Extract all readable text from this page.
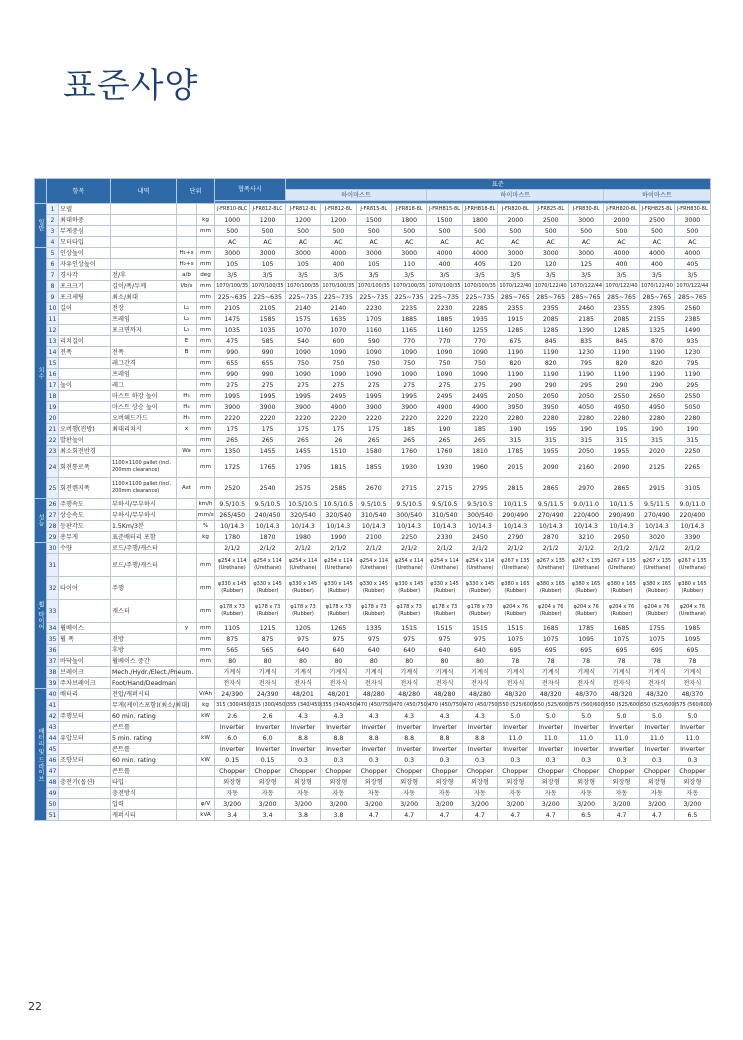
표준사양
	항목		내역	단위		협폭사시		표준											
								하이마스트				하이마스트					하이마스트		

일반	1	모델				J-FR810-8LC	J-FR812-8LC	J-FR812-8L	J-FR812-8L	J-FR815-8L	J-FR818-8L	J-FRHB15-8L	J-FRHB18-8L	J-FR820-8L	J-FR825-8L	J-FR830-8L	J-FRH820-8L	J-FRH825-8L	J-FRH830-8L
	2	최대하중			kg	1000	1200	1200	1200	1500	1800	1500	1800	2000	2500	3000	2000	2500	3000
	3	무게중심			mm	500	500	500	500	500	500	500	500	500	500	500	500	500	500
	4	모터타입				AC	AC	AC	AC	AC	AC	AC	AC	AC	AC	AC	AC	AC	AC
치수	5	인상높이		H₁+s	mm	3000	3000	3000	4000	3000	3000	4000	4000	3000	3000	3000	4000	4000	4000
	6	자유인상높이		H₂+s	mm	105	105	105	400	105	110	400	405	120	120	125	400	400	405
	7	경사각	전/후	a/b	deg	3/5	3/5	3/5	3/5	3/5	3/5	3/5	3/5	3/5	3/5	3/5	3/5	3/5	3/5
	8	포크크기	길이/폭/두께	l/b/s	mm	1070/100/35	1070/100/35	1070/100/35	1070/100/35	1070/100/35	1070/100/35	1070/100/35	1070/100/35	1070/122/40	1070/122/40	1070/122/44	1070/122/40	1070/122/40	1070/122/44
	9	포크세팅	최소/최대		mm	225~635	225~635	225~735	225~735	225~735	225~735	225~735	225~735	285~765	285~765	285~765	285~765	285~765	285~765
	10	길이	전장	L₁	mm	2105	2105	2140	2140	2230	2235	2230	2285	2355	2355	2460	2355	2395	2560
	11		프레임	L₂	mm	1475	1585	1575	1635	1705	1885	1885	1935	1915	2085	2185	2085	2155	2385
	12		포크면까지	L₃	mm	1035	1035	1070	1070	1160	1165	1160	1255	1285	1285	1390	1285	1325	1490
	13	리치길이		E	mm	475	585	540	600	590	770	770	770	675	845	835	845	870	935
	14	전폭	전폭	B	mm	990	990	1090	1090	1090	1090	1090	1090	1190	1190	1230	1190	1190	1230
	15		레그간격		mm	655	655	750	750	750	750	750	750	820	820	795	820	820	795
	16		프레임		mm	990	990	1090	1090	1090	1090	1090	1090	1190	1190	1190	1190	1190	1190
	17	높이	레그		mm	275	275	275	275	275	275	275	275	290	290	295	290	290	295
	18		마스트 하강 높이	H₃	mm	1995	1995	1995	2495	1995	1995	2495	2495	2050	2050	2050	2550	2650	2550
	19		마스트 상승 높이	H₄	mm	3900	3900	3900	4900	3900	3900	4900	4900	3950	3950	4050	4950	4950	5050
	20		오버헤드가드	H₅	mm	2220	2220	2220	2220	2220	2220	2220	2220	2280	2280	2280	2280	2280	2280
	21	오버행(전방)	최대리치시	x	mm	175	175	175	175	175	185	190	185	190	195	190	195	190	190
	22	발판높이			mm	265	265	265	26	265	265	265	265	315	315	315	315	315	315
	23	최소회전반경		Wa	mm	1350	1455	1455	1510	1580	1760	1760	1810	1785	1955	2050	1955	2020	2250
	24	회전통로폭	1100×1100 pallet (incl. 200mm clearance)		mm	1725	1765	1795	1815	1855	1930	1930	1960	2015	2090	2160	2090	2125	2265
	25	회전렌지폭	1100×1100 pallet (incl. 200mm clearance)	Ast	mm	2520	2540	2575	2585	2670	2715	2715	2795	2815	2865	2970	2865	2915	3105
성능	26	주행속도	부하시/무부하시		km/h	9.5/10.5	9.5/10.5	10.5/10.5	10.5/10.5	9.5/10.5	9.5/10.5	9.5/10.5	9.5/10.5	10/11.5	9.5/11.5	9.0/11.0	10/11.5	9.5/11.5	9.0/11.0
	27	상승속도	부하시/무부하시		mm/s	265/450	240/450	320/540	320/540	310/540	300/540	310/540	300/540	290/490	270/490	220/400	290/490	270/490	220/400
	28	등판각도	1.5Km/3분		%	10/14.3	10/14.3	10/14.3	10/14.3	10/14.3	10/14.3	10/14.3	10/14.3	10/14.3	10/14.3	10/14.3	10/14.3	10/14.3	10/14.3
	29	총무게	표준배터리 포함		kg	1780	1870	1980	1990	2100	2250	2330	2450	2790	2870	3210	2950	3020	3390
휠, 타이어	30	수량	로드/주행/캐스터			2/1/2	2/1/2	2/1/2	2/1/2	2/1/2	2/1/2	2/1/2	2/1/2	2/1/2	2/1/2	2/1/2	2/1/2	2/1/2	2/1/2
	31		로드/주행/캐스터		mm	φ254 x 114 (Urethane)	φ254 x 114 (Urethane)	φ254 x 114 (Urethane)	φ254 x 114 (Urethane)	φ254 x 114 (Urethane)	φ254 x 114 (Urethane)	φ254 x 114 (Urethane)	φ254 x 114 (Urethane)	φ267 x 135 (Urethane)	φ267 x 135 (Urethane)	φ267 x 135 (Urethane)	φ267 x 135 (Urethane)	φ267 x 135 (Urethane)	φ267 x 135 (Urethane)
	32	타이어	주행		mm	φ330 x 145 (Rubber)	φ330 x 145 (Rubber)	φ330 x 145 (Rubber)	φ330 x 145 (Rubber)	φ330 x 145 (Rubber)	φ330 x 145 (Rubber)	φ330 x 145 (Rubber)	φ330 x 145 (Rubber)	φ380 x 165 (Rubber)	φ380 x 165 (Rubber)	φ380 x 165 (Rubber)	φ380 x 165 (Rubber)	φ380 x 165 (Rubber)	φ380 x 165 (Rubber)
	33		캐스터		mm	φ178 x 73 (Rubber)	φ178 x 73 (Rubber)	φ178 x 73 (Rubber)	φ178 x 73 (Rubber)	φ178 x 73 (Rubber)	φ178 x 73 (Rubber)	φ178 x 73 (Rubber)	φ178 x 73 (Rubber)	φ204 x 76 (Rubber)	φ204 x 76 (Rubber)	φ204 x 76 (Rubber)	φ204 x 76 (Rubber)	φ204 x 76 (Rubber)	φ204 x 76 (Urethane)
	34	휠베이스		y	mm	1105	1215	1205	1265	1335	1515	1515	1515	1515	1685	1785	1685	1755	1985
	35	휠 폭	전방		mm	875	875	975	975	975	975	975	975	1075	1075	1095	1075	1075	1095
	36		후방		mm	565	565	640	640	640	640	640	640	695	695	695	695	695	695
	37	바닥높이	휠베이스 중간		mm	80	80	80	80	80	80	80	80	78	78	78	78	78	78
	38	브레이크	Mech./Hydr./Elect./Pneum.			기계식	기계식	기계식	기계식	기계식	기계식	기계식	기계식	기계식	기계식	기계식	기계식	기계식	기계식
	39	주차브레이크	Foot/Hand/Deadman			전자식	전자식	전자식	전자식	전자식	전자식	전자식	전자식	전자식	전자식	전자식	전자식	전자식	전자식
배터리 및 드라이브	40	배터리	전압/캐퍼시티		V/Ah	24/390	24/390	48/201	48/201	48/280	48/280	48/280	48/280	48/320	48/320	48/370	48/320	48/320	48/370
	41		무게(케이스포함)(최소/최대)		kg	315 (300/450)	315 (300/450)	355 (340/450)	355 (340/450)	470 (450/750)	470 (450/750)	470 (450/750)	470 (450/750)	550 (525/600)	550 (525/600)	575 (560/600)	550 (525/600)	550 (525/600)	575 (560/600)
	42	주행모터	60 min. rating		kW	2.6	2.6	4.3	4.3	4.3	4.3	4.3	4.3	5.0	5.0	5.0	5.0	5.0	5.0
	43		콘트롤			Inverter	Inverter	Inverter	Inverter	Inverter	Inverter	Inverter	Inverter	Inverter	Inverter	Inverter	Inverter	Inverter	Inverter
	44	유압모터	5 min. rating		kW	6.0	6.0	8.8	8.8	8.8	8.8	8.8	8.8	11.0	11.0	11.0	11.0	11.0	11.0
	45		콘트롤			Inverter	Inverter	Inverter	Inverter	Inverter	Inverter	Inverter	Inverter	Inverter	Inverter	Inverter	Inverter	Inverter	Inverter
	46	조향모터	60 min. rating		kW	0.15	0.15	0.3	0.3	0.3	0.3	0.3	0.3	0.3	0.3	0.3	0.3	0.3	0.3
	47		콘트롤			Chopper	Chopper	Chopper	Chopper	Chopper	Chopper	Chopper	Chopper	Chopper	Chopper	Chopper	Chopper	Chopper	Chopper
	48	충전기(옵션)	타입			외장형	외장형	외장형	외장형	외장형	외장형	외장형	외장형	외장형	외장형	외장형	외장형	외장형	외장형
	49		충전방식			자동	자동	자동	자동	자동	자동	자동	자동	자동	자동	자동	자동	자동	자동
	50		입력		φ/V	3/200	3/200	3/200	3/200	3/200	3/200	3/200	3/200	3/200	3/200	3/200	3/200	3/200	3/200
	51		캐퍼시티		kVA	3.4	3.4	3.8	3.8	4.7	4.7	4.7	4.7	4.7	4.7	6.5	4.7	4.7	6.5
22
